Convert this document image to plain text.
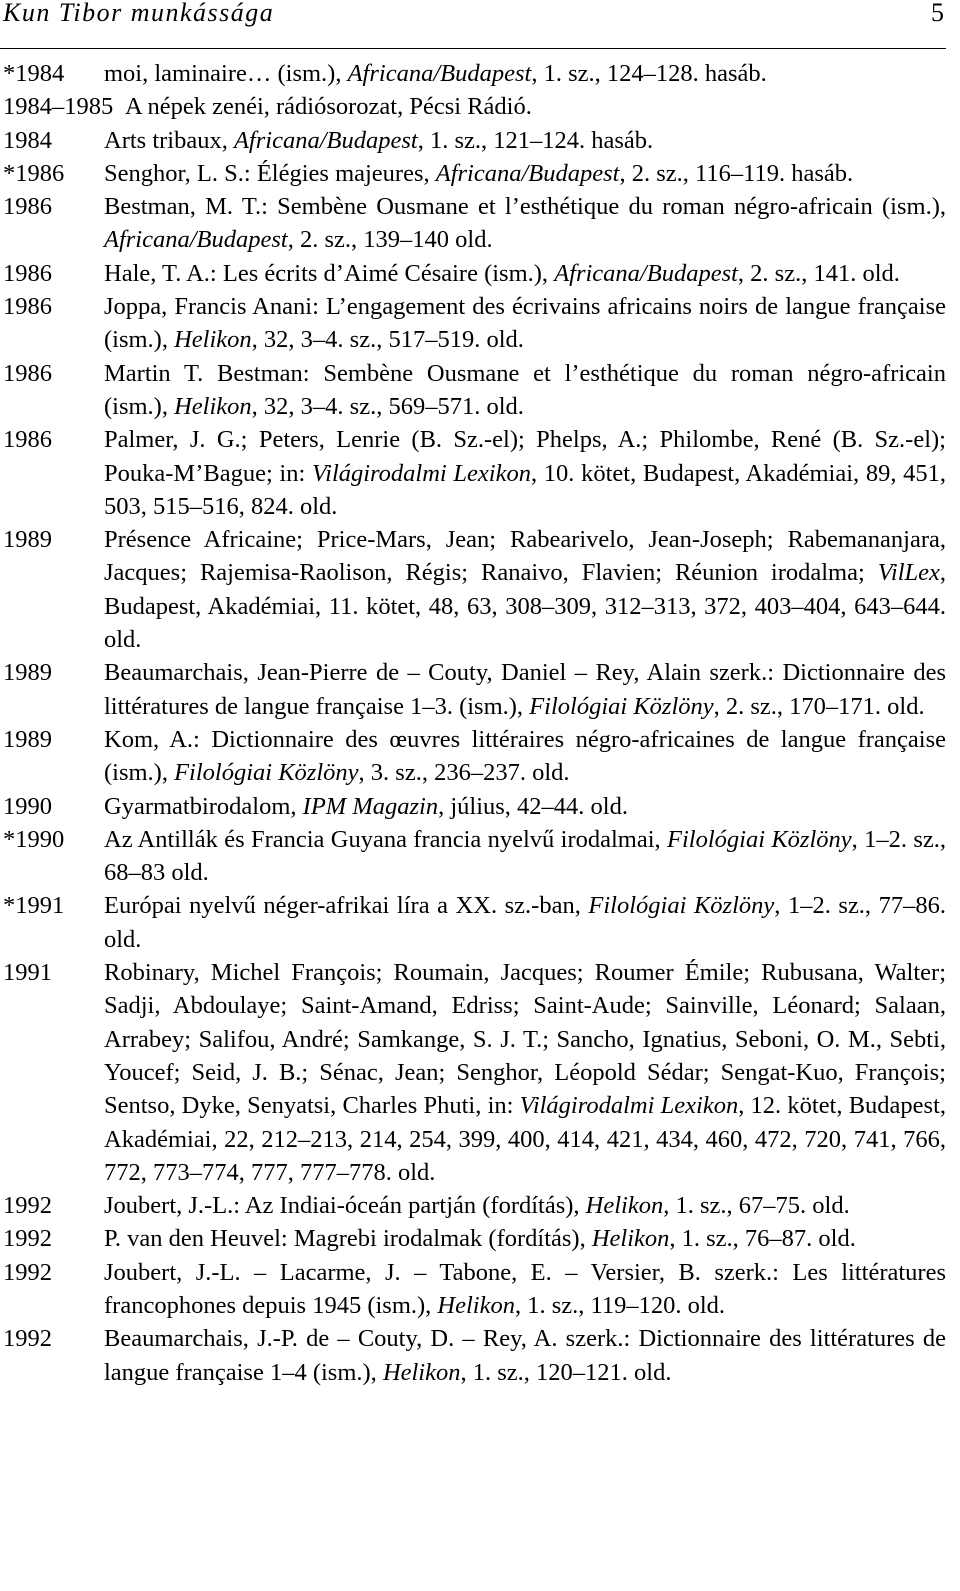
Kun Tibor munkássága	5
*1984 moi, laminaire… (ism.), Africana/Budapest, 1. sz., 124–128. hasáb.
1984–1985 A népek zenéi, rádiósorozat, Pécsi Rádió.
1984 Arts tribaux, Africana/Budapest, 1. sz., 121–124. hasáb.
*1986 Senghor, L. S.: Élégies majeures, Africana/Budapest, 2. sz., 116–119. hasáb.
1986 Bestman, M. T.: Sembène Ousmane et l’esthétique du roman négro-africain (ism.), Africana/Budapest, 2. sz., 139–140 old.
1986 Hale, T. A.: Les écrits d’Aimé Césaire (ism.), Africana/Budapest, 2. sz., 141. old.
1986 Joppa, Francis Anani: L’engagement des écrivains africains noirs de langue française (ism.), Helikon, 32, 3–4. sz., 517–519. old.
1986 Martin T. Bestman: Sembène Ousmane et l’esthétique du roman négro-africain (ism.), Helikon, 32, 3–4. sz., 569–571. old.
1986 Palmer, J. G.; Peters, Lenrie (B. Sz.-el); Phelps, A.; Philombe, René (B. Sz.-el); Pouka-M’Bague; in: Világirodalmi Lexikon, 10. kötet, Budapest, Akadémiai, 89, 451, 503, 515–516, 824. old.
1989 Présence Africaine; Price-Mars, Jean; Rabearivelo, Jean-Joseph; Rabemananjara, Jacques; Rajemisa-Raolison, Régis; Ranaivo, Flavien; Réunion irodalma; VilLex, Budapest, Akadémiai, 11. kötet, 48, 63, 308–309, 312–313, 372, 403–404, 643–644. old.
1989 Beaumarchais, Jean-Pierre de – Couty, Daniel – Rey, Alain szerk.: Dictionnaire des littératures de langue française 1–3. (ism.), Filológiai Közlöny, 2. sz., 170–171. old.
1989 Kom, A.: Dictionnaire des œuvres littéraires négro-africaines de langue française (ism.), Filológiai Közlöny, 3. sz., 236–237. old.
1990 Gyarmatbirodalom, IPM Magazin, július, 42–44. old.
*1990 Az Antillák és Francia Guyana francia nyelvű irodalmai, Filológiai Közlöny, 1–2. sz., 68–83 old.
*1991 Európai nyelvű néger-afrikai líra a XX. sz.-ban, Filológiai Közlöny, 1–2. sz., 77–86. old.
1991 Robinary, Michel François; Roumain, Jacques; Roumer Émile; Rubusana, Walter; Sadji, Abdoulaye; Saint-Amand, Edriss; Saint-Aude; Sainville, Léonard; Salaan, Arrabey; Salifou, André; Samkange, S. J. T.; Sancho, Ignatius, Seboni, O. M., Sebti, Youcef; Seid, J. B.; Sénac, Jean; Senghor, Léopold Sédar; Sengat-Kuo, François; Sentso, Dyke, Senyatsi, Charles Phuti, in: Világirodalmi Lexikon, 12. kötet, Budapest, Akadémiai, 22, 212–213, 214, 254, 399, 400, 414, 421, 434, 460, 472, 720, 741, 766, 772, 773–774, 777, 777–778. old.
1992 Joubert, J.-L.: Az Indiai-óceán partján (fordítás), Helikon, 1. sz., 67–75. old.
1992 P. van den Heuvel: Magrebi irodalmak (fordítás), Helikon, 1. sz., 76–87. old.
1992 Joubert, J.-L. – Lacarme, J. – Tabone, E. – Versier, B. szerk.: Les littératures francophones depuis 1945 (ism.), Helikon, 1. sz., 119–120. old.
1992 Beaumarchais, J.-P. de – Couty, D. – Rey, A. szerk.: Dictionnaire des littératures de langue française 1–4 (ism.), Helikon, 1. sz., 120–121. old.
